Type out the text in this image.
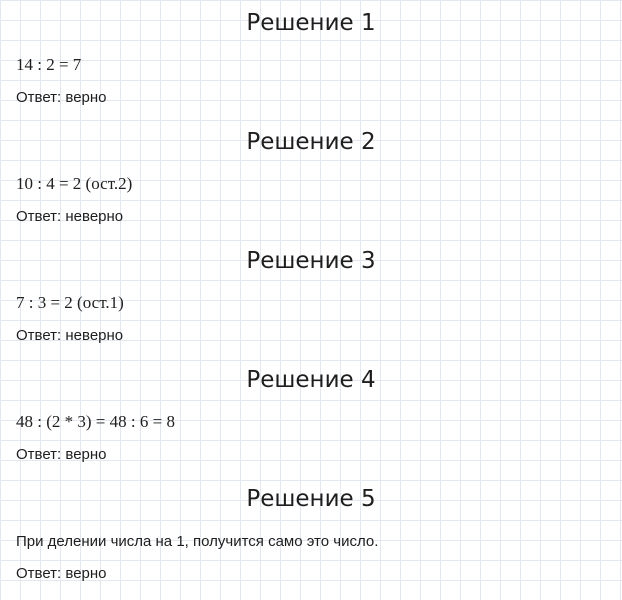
Решение 1
14 : 2 = 7
Ответ: верно
Решение 2
10 : 4 = 2 (ост.2)
Ответ: неверно
Решение 3
7 : 3 = 2 (ост.1)
Ответ: неверно
Решение 4
48 : (2 * 3) = 48 : 6 = 8
Ответ: верно
Решение 5
При делении числа на 1, получится само это число.
Ответ: верно
